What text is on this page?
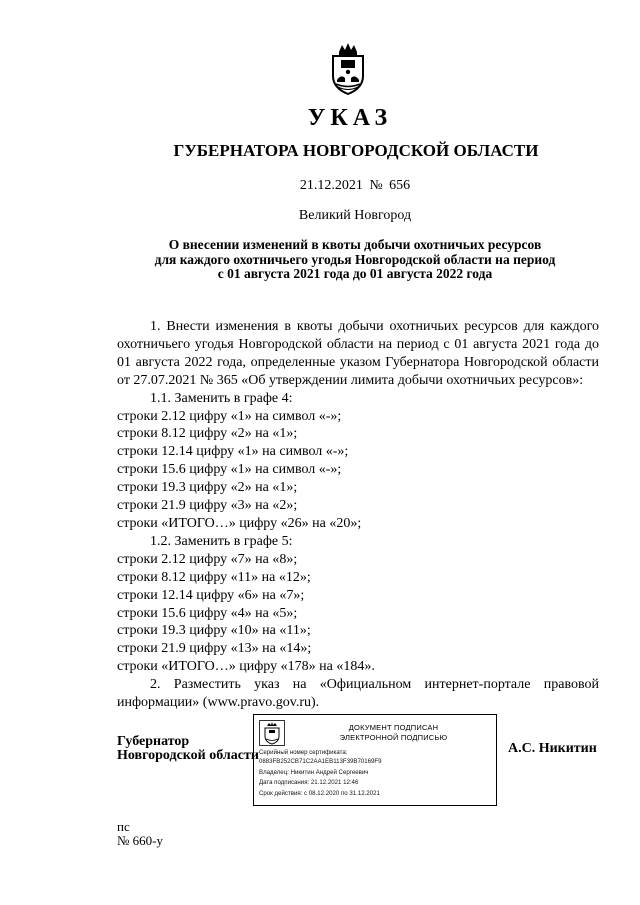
УКАЗ
ГУБЕРНАТОРА НОВГОРОДСКОЙ ОБЛАСТИ
21.12.2021 № 656
Великий Новгород
О внесении изменений в квоты добычи охотничьих ресурсов
для каждого охотничьего угодья Новгородской области на период
с 01 августа 2021 года до 01 августа 2022 года
1. Внести изменения в квоты добычи охотничьих ресурсов для каждого
охотничьего угодья Новгородской области на период с 01 августа 2021 года до
01 августа 2022 года, определенные указом Губернатора Новгородской области
от 27.07.2021 № 365 «Об утверждении лимита добычи охотничьих ресурсов»:
1.1. Заменить в графе 4:
строки 2.12 цифру «1» на символ «-»;
строки 8.12 цифру «2» на «1»;
строки 12.14 цифру «1» на символ «-»;
строки 15.6 цифру «1» на символ «-»;
строки 19.3 цифру «2» на «1»;
строки 21.9 цифру «3» на «2»;
строки «ИТОГО…» цифру «26» на «20»;
1.2. Заменить в графе 5:
строки 2.12 цифру «7» на «8»;
строки 8.12 цифру «11» на «12»;
строки 12.14 цифру «6» на «7»;
строки 15.6 цифру «4» на «5»;
строки 19.3 цифру «10» на «11»;
строки 21.9 цифру «13» на «14»;
строки «ИТОГО…» цифру «178» на «184».
2. Разместить указ на «Официальном интернет-портале правовой
информации» (www.pravo.gov.ru).
Губернатор
Новгородской области
ДОКУМЕНТ ПОДПИСАН
ЭЛЕКТРОННОЙ ПОДПИСЬЮ
Серийный номер сертификата:
0883FB252CB71C2AA1EB113F39B70169F9
Владелец: Никитин Андрей Сергеевич
Дата подписания: 21.12.2021 12:46
Срок действия: с 08.12.2020 по 31.12.2021
А.С. Никитин
пс
№ 660-у
